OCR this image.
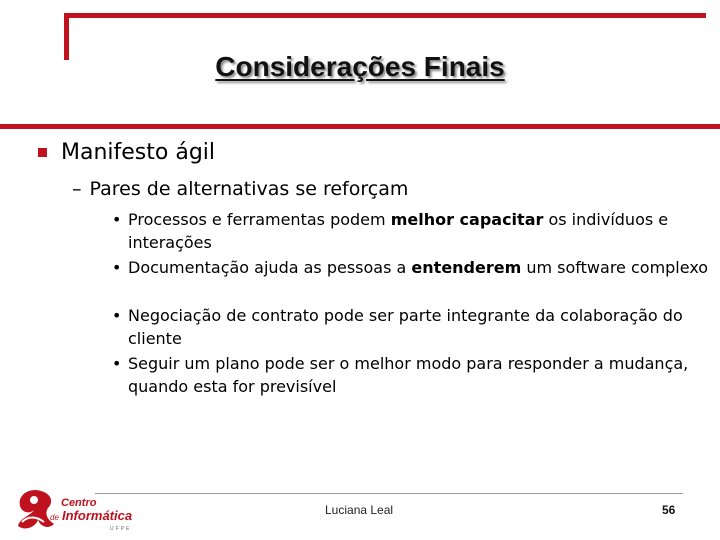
Considerações Finais
Manifesto ágil
– Pares de alternativas se reforçam
• Processos e ferramentas podem melhor capacitar os indivíduos e interações
• Documentação ajuda as pessoas a entenderem um software complexo
• Negociação de contrato pode ser parte integrante da colaboração do cliente
• Seguir um plano pode ser o melhor modo para responder a mudança, quando esta for previsível
Centro
de Informática
UFPE
Luciana Leal	56
